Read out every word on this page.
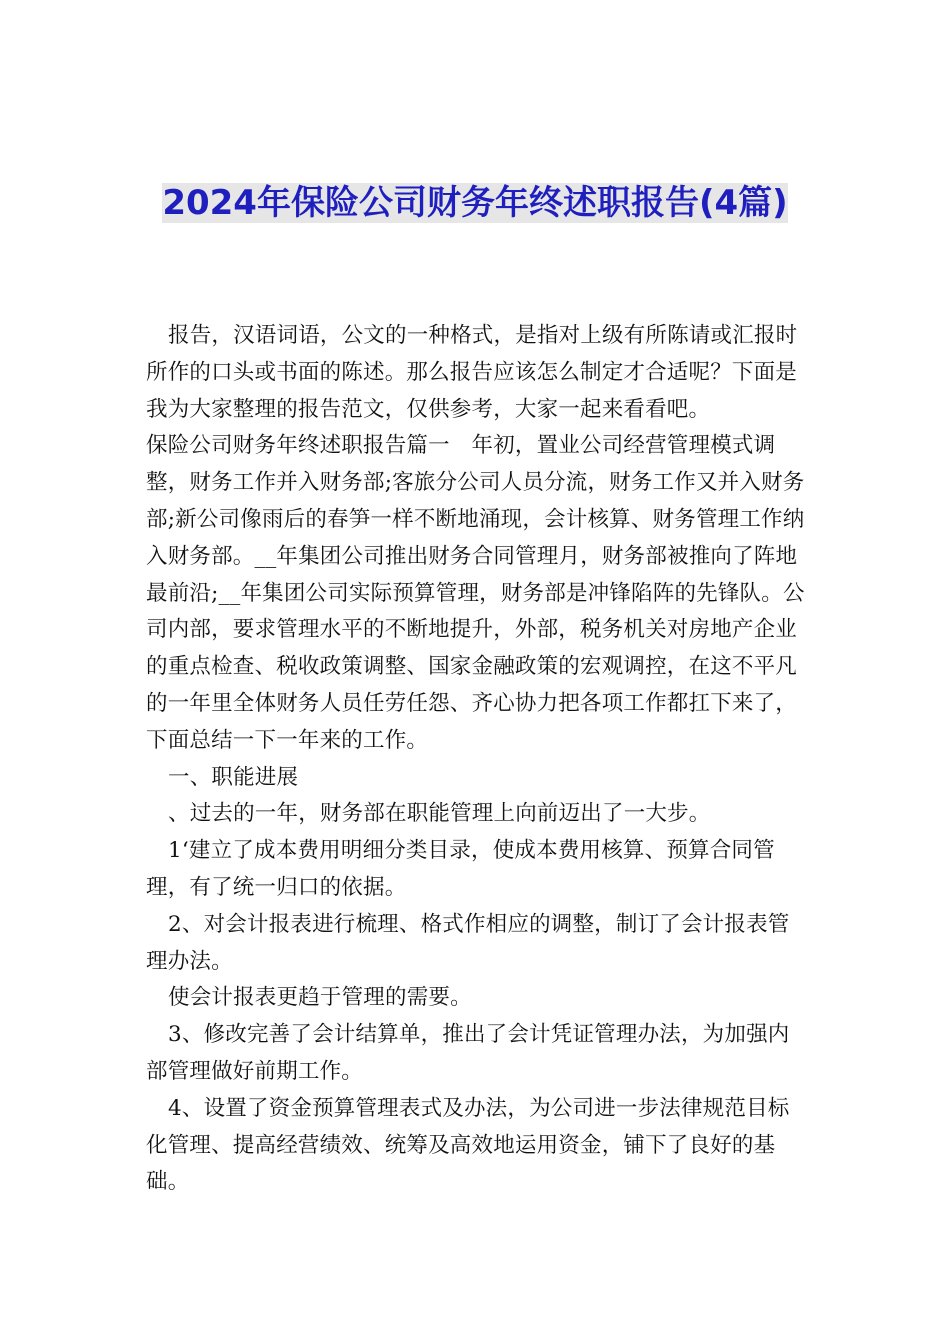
2024年保险公司财务年终述职报告(4篇)

报告，汉语词语，公文的一种格式，是指对上级有所陈请或汇报时所作的口头或书面的陈述。那么报告应该怎么制定才合适呢？下面是我为大家整理的报告范文，仅供参考，大家一起来看看吧。

保险公司财务年终述职报告篇一　年初，置业公司经营管理模式调整，财务工作并入财务部;客旅分公司人员分流，财务工作又并入财务部;新公司像雨后的春笋一样不断地涌现，会计核算、财务管理工作纳入财务部。__年集团公司推出财务合同管理月，财务部被推向了阵地最前沿;__年集团公司实际预算管理，财务部是冲锋陷阵的先锋队。公司内部，要求管理水平的不断地提升，外部，税务机关对房地产企业的重点检查、税收政策调整、国家金融政策的宏观调控，在这不平凡的一年里全体财务人员任劳任怨、齐心协力把各项工作都扛下来了，下面总结一下一年来的工作。

一、职能进展

、过去的一年，财务部在职能管理上向前迈出了一大步。

1‘建立了成本费用明细分类目录，使成本费用核算、预算合同管理，有了统一归口的依据。

2、对会计报表进行梳理、格式作相应的调整，制订了会计报表管理办法。

使会计报表更趋于管理的需要。

3、修改完善了会计结算单，推出了会计凭证管理办法，为加强内部管理做好前期工作。

4、设置了资金预算管理表式及办法，为公司进一步法律规范目标化管理、提高经营绩效、统筹及高效地运用资金，铺下了良好的基础。
